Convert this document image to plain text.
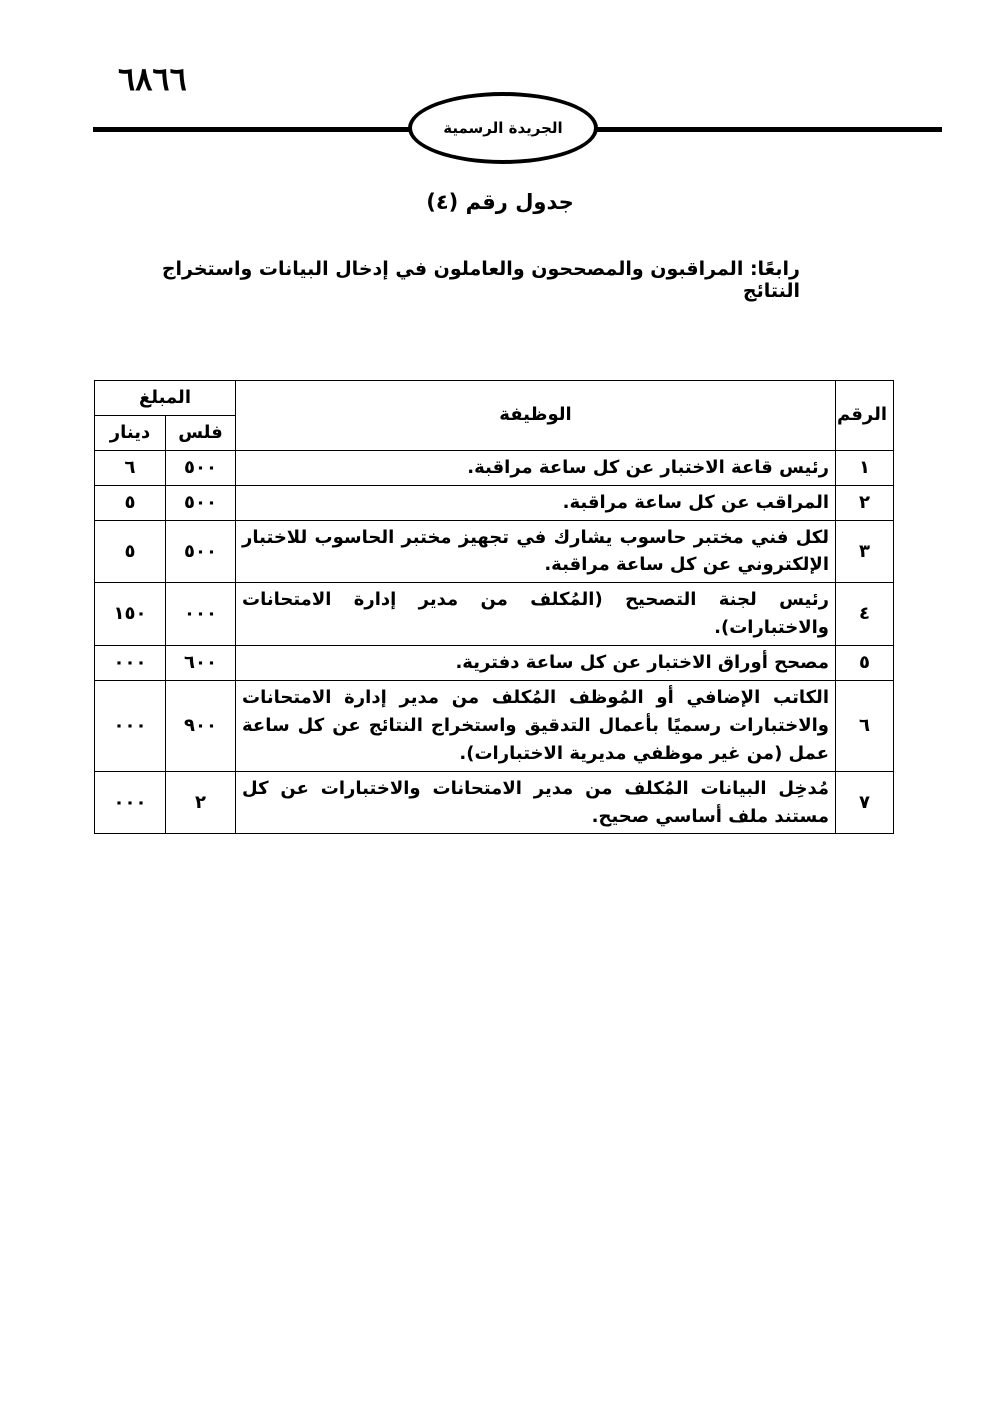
٦٨٦٦
الجريدة الرسمية
جدول رقم (٤)
رابعًا: المراقبون والمصححون والعاملون في إدخال البيانات واستخراج النتائج
الرقم	الوظيفة	المبلغ	
		فلس	دينار
١	رئيس قاعة الاختبار عن كل ساعة مراقبة.	٥٠٠	٦
٢	المراقب عن كل ساعة مراقبة.	٥٠٠	٥
٣	لكل فني مختبر حاسوب يشارك في تجهيز مختبر الحاسوب للاختبار الإلكتروني عن كل ساعة مراقبة.	٥٠٠	٥
٤	رئيس لجنة التصحيح (المُكلف من مدير إدارة الامتحانات والاختبارات).	٠٠٠	١٥٠
٥	مصحح أوراق الاختبار عن كل ساعة دفترية.	٦٠٠	٠٠٠
٦	الكاتب الإضافي أو المُوظف المُكلف من مدير إدارة الامتحانات والاختبارات رسميًا بأعمال التدقيق واستخراج النتائج عن كل ساعة عمل (من غير موظفي مديرية الاختبارات).	٩٠٠	٠٠٠
٧	مُدخِل البيانات المُكلف من مدير الامتحانات والاختبارات عن كل مستند ملف أساسي صحيح.	٢	٠٠٠
